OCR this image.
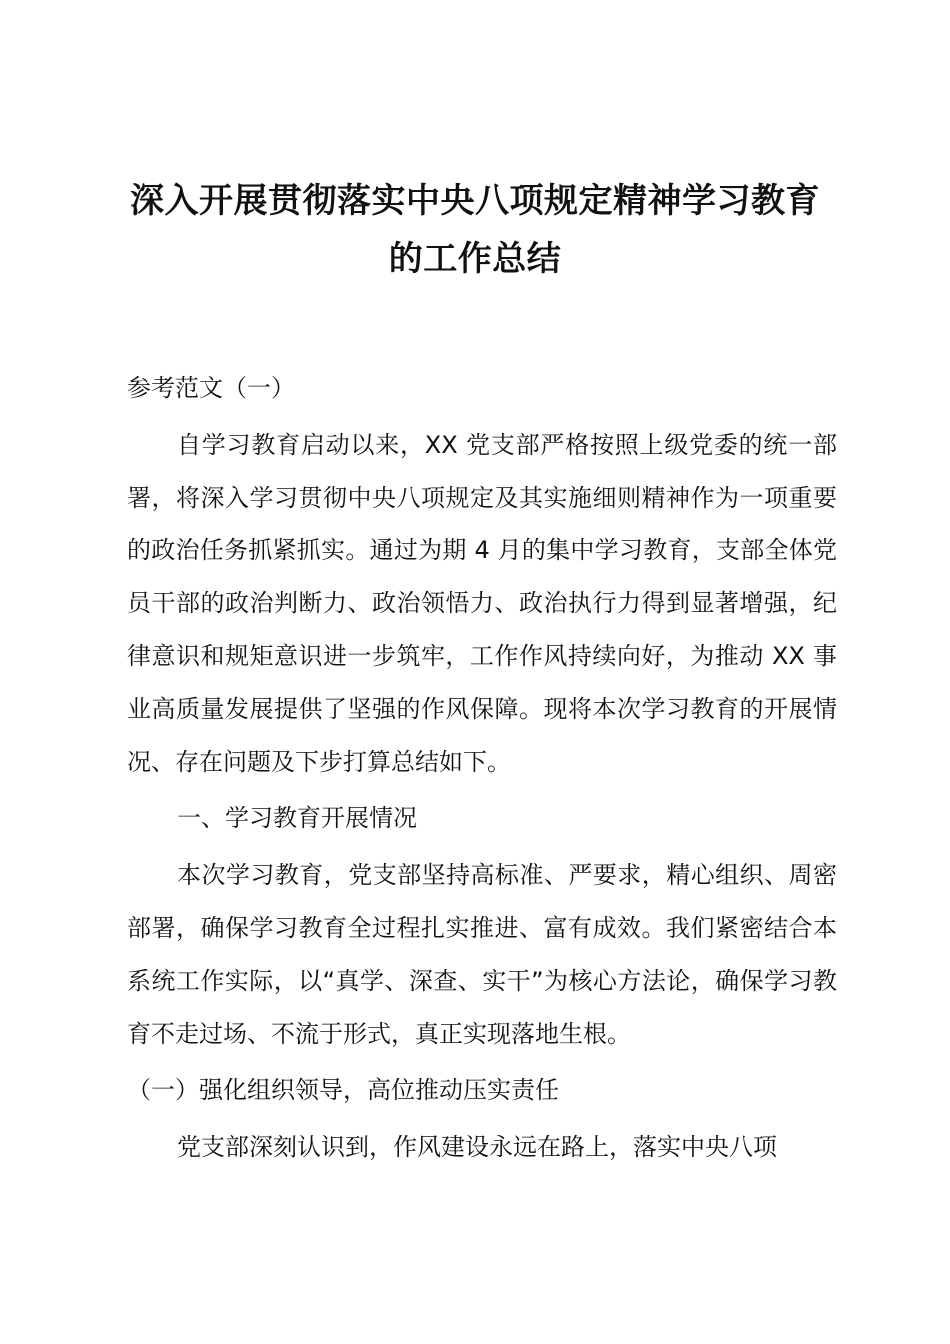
深入开展贯彻落实中央八项规定精神学习教育
的工作总结

参考范文（一）

自学习教育启动以来，XX 党支部严格按照上级党委的统一部署，将深入学习贯彻中央八项规定及其实施细则精神作为一项重要的政治任务抓紧抓实。通过为期 4 月的集中学习教育，支部全体党员干部的政治判断力、政治领悟力、政治执行力得到显著增强，纪律意识和规矩意识进一步筑牢，工作作风持续向好，为推动 XX 事业高质量发展提供了坚强的作风保障。现将本次学习教育的开展情况、存在问题及下步打算总结如下。

一、学习教育开展情况

本次学习教育，党支部坚持高标准、严要求，精心组织、周密部署，确保学习教育全过程扎实推进、富有成效。我们紧密结合本系统工作实际，以“真学、深查、实干”为核心方法论，确保学习教育不走过场、不流于形式，真正实现落地生根。

（一）强化组织领导，高位推动压实责任

党支部深刻认识到，作风建设永远在路上，落实中央八项
